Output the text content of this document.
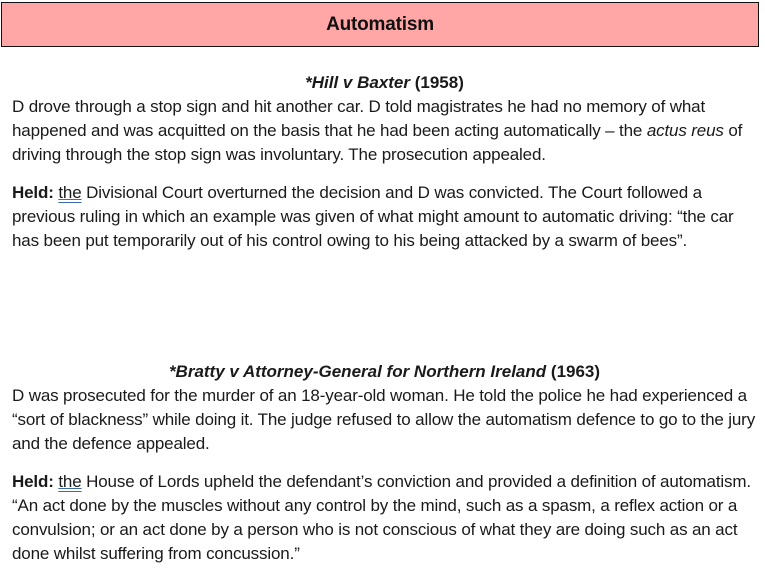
Automatism
*Hill v Baxter (1958)

D drove through a stop sign and hit another car. D told magistrates he had no memory of what happened and was acquitted on the basis that he had been acting automatically – the actus reus of driving through the stop sign was involuntary. The prosecution appealed.

Held: the Divisional Court overturned the decision and D was convicted. The Court followed a previous ruling in which an example was given of what might amount to automatic driving: “the car has been put temporarily out of his control owing to his being attacked by a swarm of bees”.

*Bratty v Attorney-General for Northern Ireland (1963)

D was prosecuted for the murder of an 18-year-old woman. He told the police he had experienced a “sort of blackness” while doing it. The judge refused to allow the automatism defence to go to the jury and the defence appealed.

Held: the House of Lords upheld the defendant’s conviction and provided a definition of automatism. “An act done by the muscles without any control by the mind, such as a spasm, a reflex action or a convulsion; or an act done by a person who is not conscious of what they are doing such as an act done whilst suffering from concussion.”
